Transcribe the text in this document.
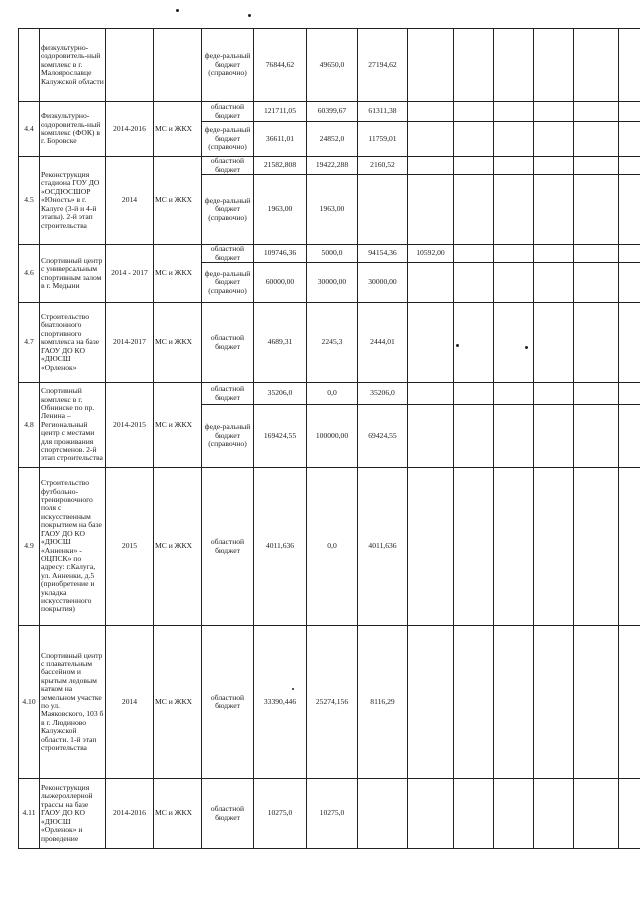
	физкультурно-оздоровитель-ный комплекс в г. Малоярославце Калужской области			феде-ральный бюджет (справочно)	76844,62	49650,0	27194,62						
4.4	Физкультурно-оздоровитель-ный комплекс (ФОК) в г. Боровске	2014-2016	МС и ЖКХ	областной бюджет	121711,05	60399,67	61311,38						
				феде-ральный бюджет (справочно)	36611,01	24852,0	11759,01						
4.5	Реконструкция стадиона ГОУ ДО «ОСДЮСШОР «Юность» в г. Калуге (3-й и 4-й этапы). 2-й этап строительства	2014	МС и ЖКХ	областной бюджет	21582,808	19422,288	2160,52						
				феде-ральный бюджет (справочно)	1963,00	1963,00							
4.6	Спортивный центр с универсальным спортивным залом в г. Медыни	2014 - 2017	МС и ЖКХ	областной бюджет	109746,36	5000,0	94154,36	10592,00					
				феде-ральный бюджет (справочно)	60000,00	30000,00	30000,00						
4.7	Строительство биатлонного спортивного комплекса на базе ГАОУ ДО КО «ДЮСШ «Орленок»	2014-2017	МС и ЖКХ	областной бюджет	4689,31	2245,3	2444,01						
4.8	Спортивный комплекс в г. Обнинске по пр. Ленина – Региональный центр с местами для проживания спортсменов. 2-й этап строительства	2014-2015	МС и ЖКХ	областной бюджет	35206,0	0,0	35206,0						
				феде-ральный бюджет (справочно)	169424,55	100000,00	69424,55						
4.9	Строительство футбольно-тренировочного поля с искусственным покрытием на базе ГАОУ ДО КО «ДЮСШ «Анненки» - ОЦПСК» по адресу: г.Калуга, ул. Анненки, д.5 (приобретение и укладка искусственного покрытия)	2015	МС и ЖКХ	областной бюджет	4011,636	0,0	4011,636						
4.10	Спортивный центр с плавательным бассейном и крытым ледовым катком на земельном участке по ул. Маяковского, 103 б в г. Людиново Калужской области. 1-й этап строительства	2014	МС и ЖКХ	областной бюджет	33390,446	25274,156	8116,29						
4.11	Реконструкция лыжероллерной трассы на базе ГАОУ ДО КО «ДЮСШ «Орленок» и проведение	2014-2016	МС и ЖКХ	областной бюджет	10275,0	10275,0							
